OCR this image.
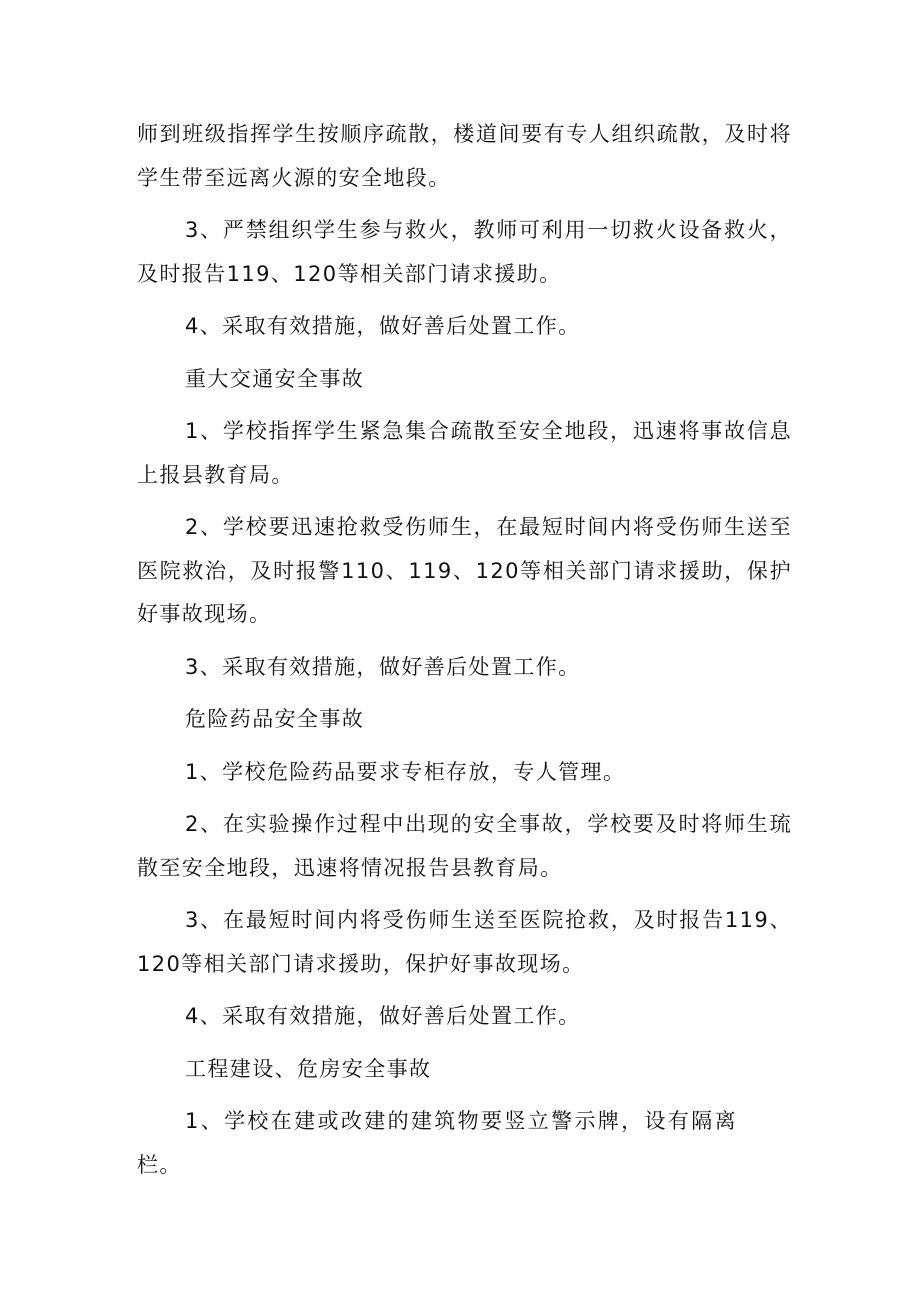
师到班级指挥学生按顺序疏散，楼道间要有专人组织疏散，及时将学生带至远离火源的安全地段。

3、严禁组织学生参与救火，教师可利用一切救火设备救火，及时报告119、120等相关部门请求援助。

4、采取有效措施，做好善后处置工作。

重大交通安全事故

1、学校指挥学生紧急集合疏散至安全地段，迅速将事故信息上报县教育局。

2、学校要迅速抢救受伤师生，在最短时间内将受伤师生送至医院救治，及时报警110、119、120等相关部门请求援助，保护好事故现场。

3、采取有效措施，做好善后处置工作。

危险药品安全事故

1、学校危险药品要求专柜存放，专人管理。

2、在实验操作过程中出现的安全事故，学校要及时将师生琉散至安全地段，迅速将情况报告县教育局。

3、在最短时间内将受伤师生送至医院抢救，及时报告119、120等相关部门请求援助，保护好事故现场。

4、采取有效措施，做好善后处置工作。

工程建设、危房安全事故

1、学校在建或改建的建筑物要竖立警示牌，设有隔离栏。
